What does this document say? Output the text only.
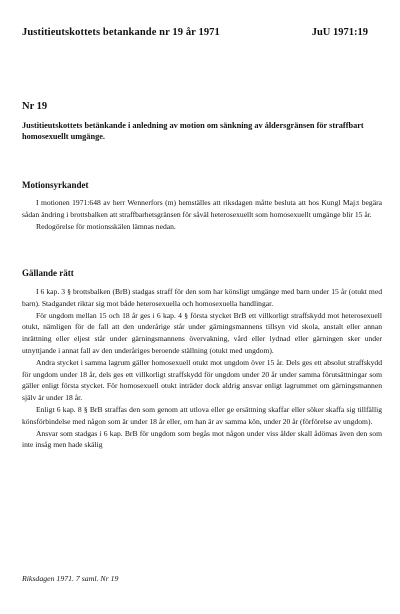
Justitieutskottets betankande nr 19 år 1971	JuU 1971:19
Nr 19
Justitieutskottets betänkande i anledning av motion om sänkning av åldersgränsen för straffbart homosexuellt umgänge.
Motionsyrkandet

I motionen 1971:648 av herr Wennerfors (m) hemställes att riksdagen måtte besluta att hos Kungl Maj:t begära sådan ändring i brottsbalken att straffbarhetsgränsen för såväl heterosexuellt som homosexuellt umgänge blir 15 år.

Redogörelse för motionsskälen lämnas nedan.

Gällande rätt

I 6 kap. 3 § brottsbalken (BrB) stadgas straff för den som har könsligt umgänge med barn under 15 år (otukt med barn). Stadgandet riktar sig mot både heterosexuella och homosexuella handlingar.

För ungdom mellan 15 och 18 år ges i 6 kap. 4 § första stycket BrB ett villkorligt straffskydd mot heterosexuell otukt, nämligen för de fall att den underårige står under gärningsmannens tillsyn vid skola, anstalt eller annan inrättning eller eljest står under gärningsmannens övervakning, vård eller lydnad eller gärningen sker under utnyttjande i annat fall av den underåriges beroende ställning (otukt med ungdom).

Andra stycket i samma lagrum gäller homosexuell otukt mot ungdom över 15 år. Dels ges ett absolut straffskydd för ungdom under 18 år, dels ges ett villkorligt straffskydd för ungdom under 20 år under samma förutsättningar som gäller enligt första stycket. För homosexuell otukt inträder dock aldrig ansvar enligt lagrummet om gärningsmannen själv är under 18 år.

Enligt 6 kap. 8 § BrB straffas den som genom att utlova eller ge ersättning skaffar eller söker skaffa sig tillfällig könsförbindelse med någon som är under 18 år eller, om han är av samma kön, under 20 år (förförelse av ungdom).

Ansvar som stadgas i 6 kap. BrB för ungdom som begås mot någon under viss ålder skall ådömas även den som inte insåg men hade skälig

Riksdagen 1971. 7 saml. Nr 19
